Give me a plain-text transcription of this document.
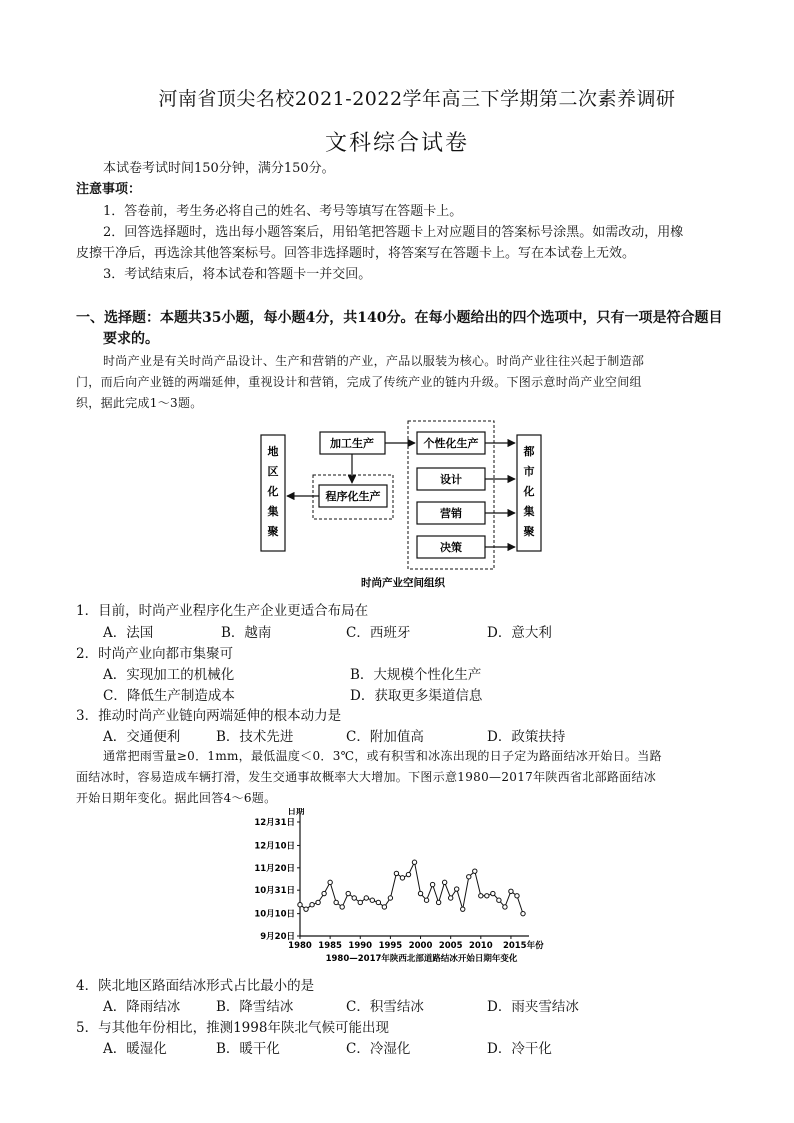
河南省顶尖名校2021-2022学年高三下学期第二次素养调研
文科综合试卷
本试卷考试时间150分钟，满分150分。
注意事项：
1．答卷前，考生务必将自己的姓名、考号等填写在答题卡上。
2．回答选择题时，选出每小题答案后，用铅笔把答题卡上对应题目的答案标号涂黑。如需改动，用橡
皮擦干净后，再选涂其他答案标号。回答非选择题时，将答案写在答题卡上。写在本试卷上无效。
3．考试结束后，将本试卷和答题卡一并交回。
一、选择题：本题共35小题，每小题4分，共140分。在每小题给出的四个选项中，只有一项是符合题目
要求的。
时尚产业是有关时尚产品设计、生产和营销的产业，产品以服装为核心。时尚产业往往兴起于制造部
门，而后向产业链的两端延伸，重视设计和营销，完成了传统产业的链内升级。下图示意时尚产业空间组
织，据此完成1～3题。
地区化集聚
加工生产
程序化生产
个性化生产
设计
营销
决策
都市化集聚
时尚产业空间组织
1．目前，时尚产业程序化生产企业更适合布局在
A．法国	B．越南	C．西班牙	D．意大利
2．时尚产业向都市集聚可
A．实现加工的机械化	B．大规模个性化生产
C．降低生产制造成本	D．获取更多渠道信息
3．推动时尚产业链向两端延伸的根本动力是
A．交通便利	B．技术先进	C．附加值高	D．政策扶持
通常把雨雪量≥0．1mm，最低温度＜0．3℃，或有积雪和冰冻出现的日子定为路面结冰开始日。当路
面结冰时，容易造成车辆打滑，发生交通事故概率大大增加。下图示意1980—2017年陕西省北部路面结冰
开始日期年变化。据此回答4～6题。
日期
12月31日
12月10日
11月20日
10月31日
10月10日
9月20日
1980 1985 1990 1995 2000 2005 2010 2015年份
1980—2017年陕西北部道路结冰开始日期年变化
4．陕北地区路面结冰形式占比最小的是
A．降雨结冰	B．降雪结冰	C．积雪结冰	D．雨夹雪结冰
5．与其他年份相比，推测1998年陕北气候可能出现
A．暖湿化	B．暖干化	C．冷湿化	D．冷干化
